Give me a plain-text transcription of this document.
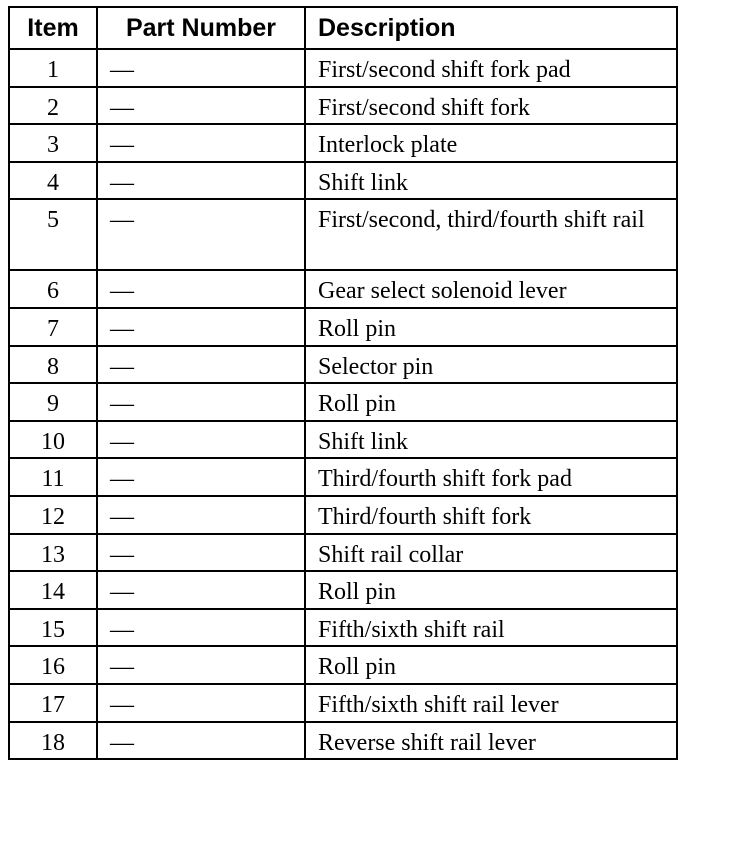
Item	Part Number	Description
1	—	First/second shift fork pad
2	—	First/second shift fork
3	—	Interlock plate
4	—	Shift link
5	—	First/second, third/fourth shift rail
6	—	Gear select solenoid lever
7	—	Roll pin
8	—	Selector pin
9	—	Roll pin
10	—	Shift link
11	—	Third/fourth shift fork pad
12	—	Third/fourth shift fork
13	—	Shift rail collar
14	—	Roll pin
15	—	Fifth/sixth shift rail
16	—	Roll pin
17	—	Fifth/sixth shift rail lever
18	—	Reverse shift rail lever
